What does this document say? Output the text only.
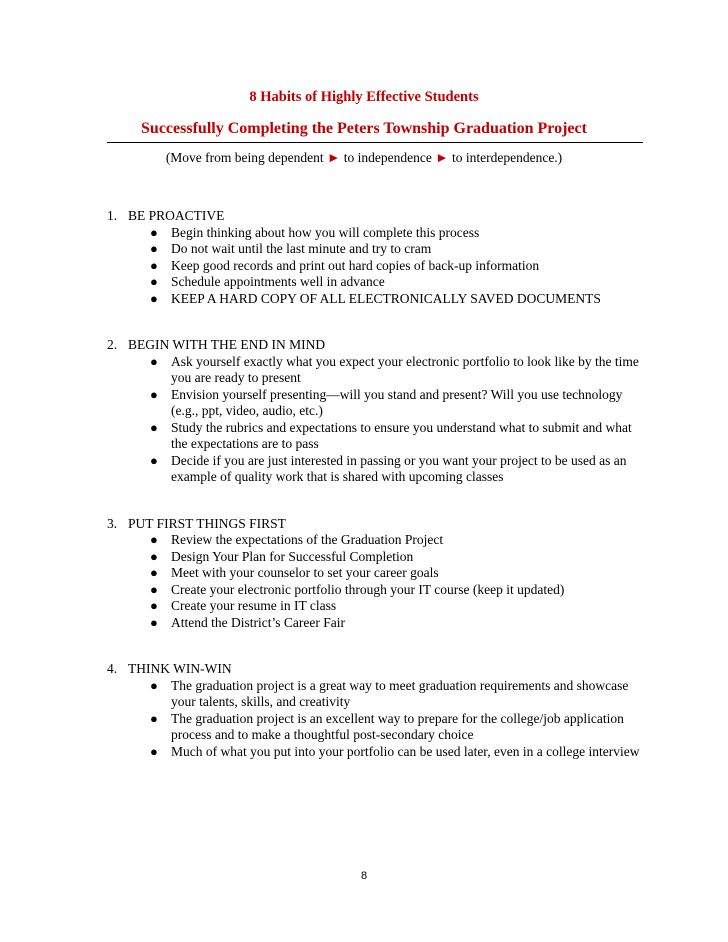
8 Habits of Highly Effective Students
Successfully Completing the Peters Township Graduation Project
(Move from being dependent ► to independence ► to interdependence.)
1. BE PROACTIVE
● Begin thinking about how you will complete this process
● Do not wait until the last minute and try to cram
● Keep good records and print out hard copies of back-up information
● Schedule appointments well in advance
● KEEP A HARD COPY OF ALL ELECTRONICALLY SAVED DOCUMENTS
2. BEGIN WITH THE END IN MIND
● Ask yourself exactly what you expect your electronic portfolio to look like by the time you are ready to present
● Envision yourself presenting—will you stand and present? Will you use technology (e.g., ppt, video, audio, etc.)
● Study the rubrics and expectations to ensure you understand what to submit and what the expectations are to pass
● Decide if you are just interested in passing or you want your project to be used as an example of quality work that is shared with upcoming classes
3. PUT FIRST THINGS FIRST
● Review the expectations of the Graduation Project
● Design Your Plan for Successful Completion
● Meet with your counselor to set your career goals
● Create your electronic portfolio through your IT course (keep it updated)
● Create your resume in IT class
● Attend the District’s Career Fair
4. THINK WIN-WIN
● The graduation project is a great way to meet graduation requirements and showcase your talents, skills, and creativity
● The graduation project is an excellent way to prepare for the college/job application process and to make a thoughtful post-secondary choice
● Much of what you put into your portfolio can be used later, even in a college interview
8
